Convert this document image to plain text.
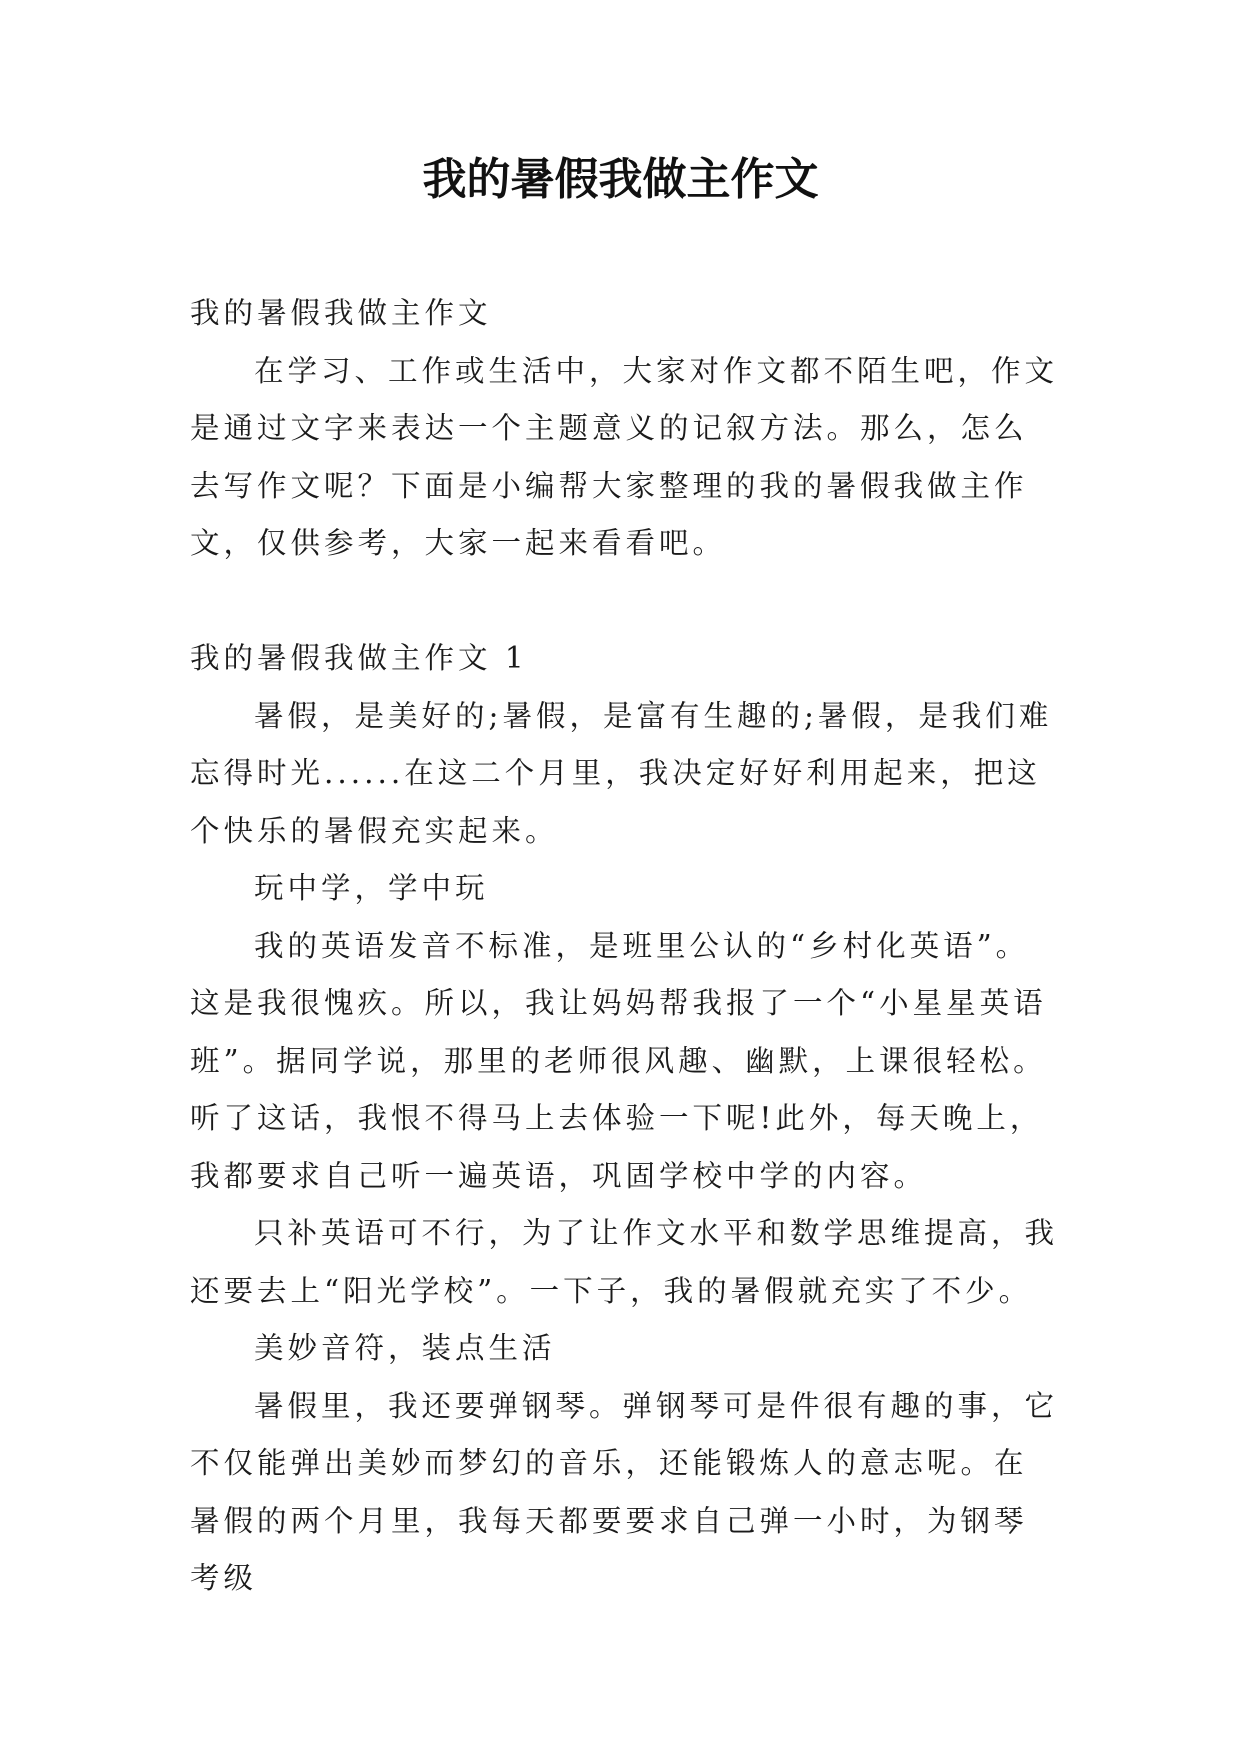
我的暑假我做主作文

我的暑假我做主作文

在学习、工作或生活中，大家对作文都不陌生吧，作文是通过文字来表达一个主题意义的记叙方法。那么，怎么去写作文呢？下面是小编帮大家整理的我的暑假我做主作文，仅供参考，大家一起来看看吧。

我的暑假我做主作文 1

暑假，是美好的;暑假，是富有生趣的;暑假，是我们难忘得时光......在这二个月里，我决定好好利用起来，把这个快乐的暑假充实起来。

玩中学，学中玩

我的英语发音不标准，是班里公认的“乡村化英语”。这是我很愧疚。所以，我让妈妈帮我报了一个“小星星英语班”。据同学说，那里的老师很风趣、幽默，上课很轻松。听了这话，我恨不得马上去体验一下呢!此外，每天晚上，我都要求自己听一遍英语，巩固学校中学的内容。

只补英语可不行，为了让作文水平和数学思维提高，我还要去上“阳光学校”。一下子，我的暑假就充实了不少。

美妙音符，装点生活

暑假里，我还要弹钢琴。弹钢琴可是件很有趣的事，它不仅能弹出美妙而梦幻的音乐，还能锻炼人的意志呢。在暑假的两个月里，我每天都要要求自己弹一小时，为钢琴考级
